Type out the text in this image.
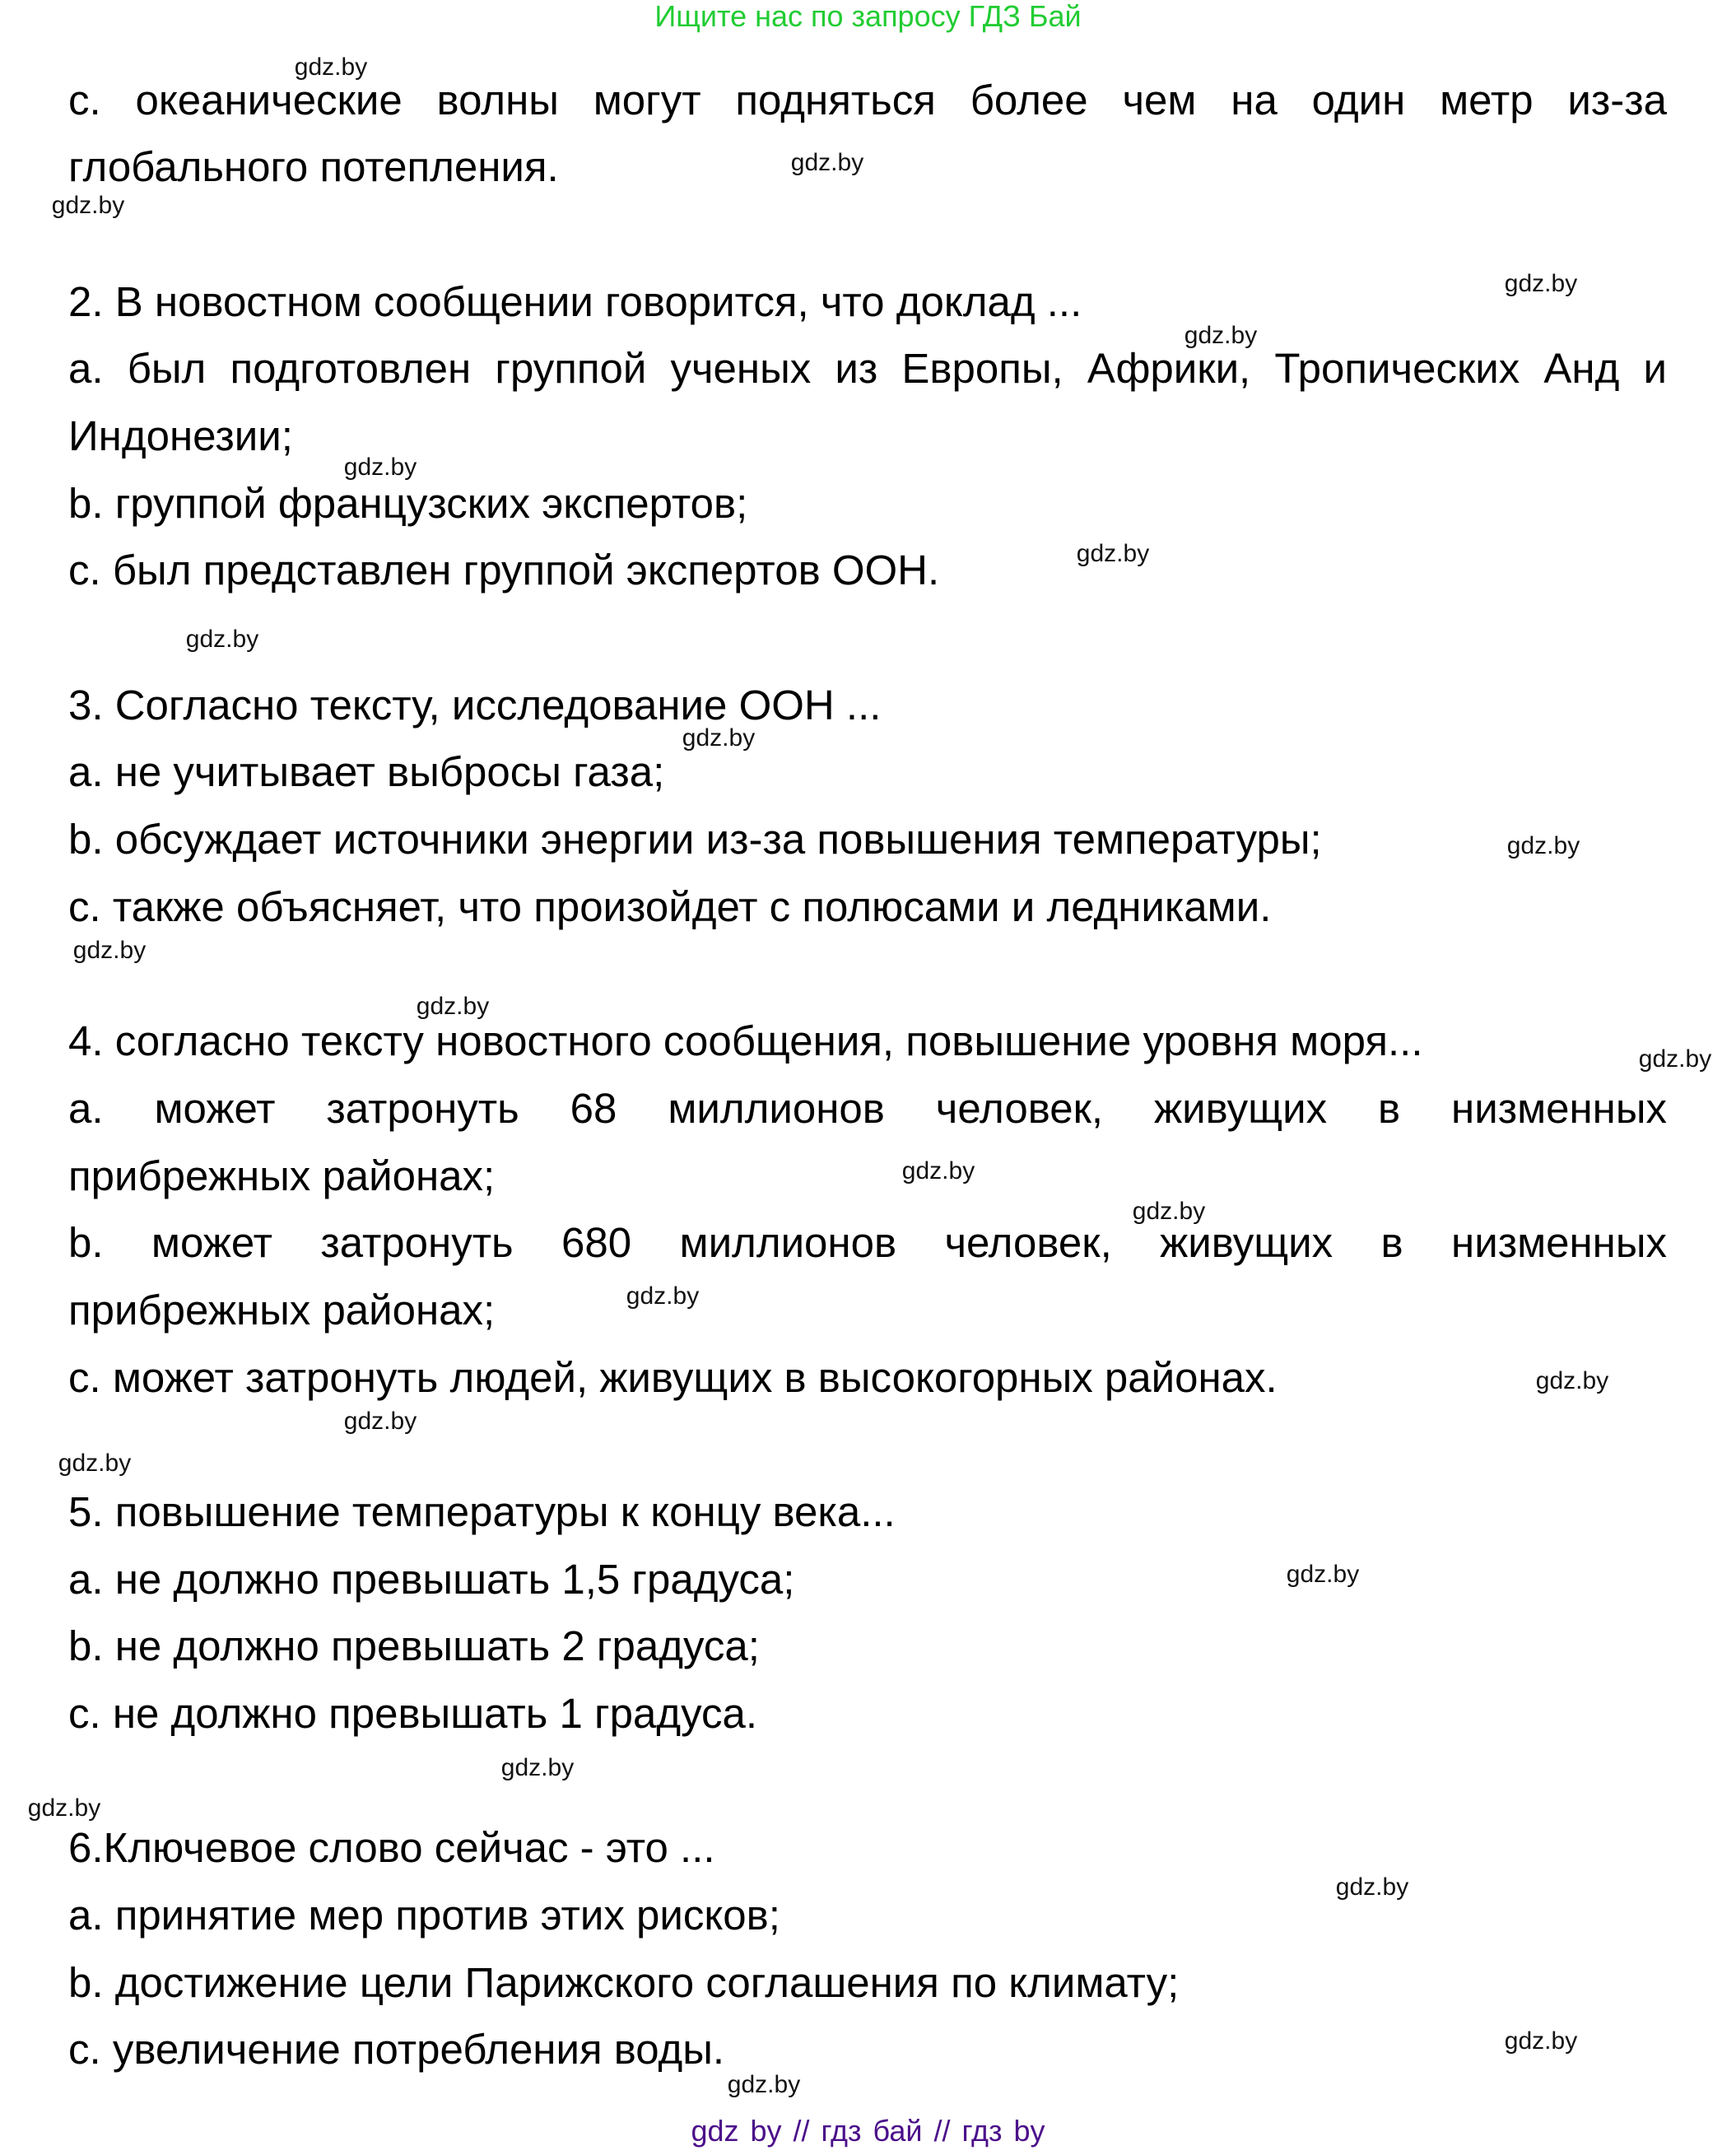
Ищите нас по запросу ГДЗ Бай
c. океанические волны могут подняться более чем на один метр из-за
глобального потепления.
2. В новостном сообщении говорится, что доклад ...
a. был подготовлен группой ученых из Европы, Африки, Тропических Анд и
Индонезии;
b. группой французских экспертов;
c. был представлен группой экспертов ООН.
3. Согласно тексту, исследование ООН ...
a. не учитывает выбросы газа;
b. обсуждает источники энергии из-за повышения температуры;
c. также объясняет, что произойдет с полюсами и ледниками.
4. согласно тексту новостного сообщения, повышение уровня моря...
a. может затронуть 68 миллионов человек, живущих в низменных
прибрежных районах;
b. может затронуть 680 миллионов человек, живущих в низменных
прибрежных районах;
c. может затронуть людей, живущих в высокогорных районах.
5. повышение температуры к концу века...
a. не должно превышать 1,5 градуса;
b. не должно превышать 2 градуса;
c. не должно превышать 1 градуса.
6.Ключевое слово сейчас - это ...
a. принятие мер против этих рисков;
b. достижение цели Парижского соглашения по климату;
c. увеличение потребления воды.
gdz.by
gdz.by
gdz.by
gdz.by
gdz.by
gdz.by
gdz.by
gdz.by
gdz.by
gdz.by
gdz.by
gdz.by
gdz.by
gdz.by
gdz.by
gdz.by
gdz.by
gdz.by
gdz.by
gdz.by
gdz.by
gdz.by
gdz.by
gdz.by
gdz.by
gdz by // гдз бай // гдз by
